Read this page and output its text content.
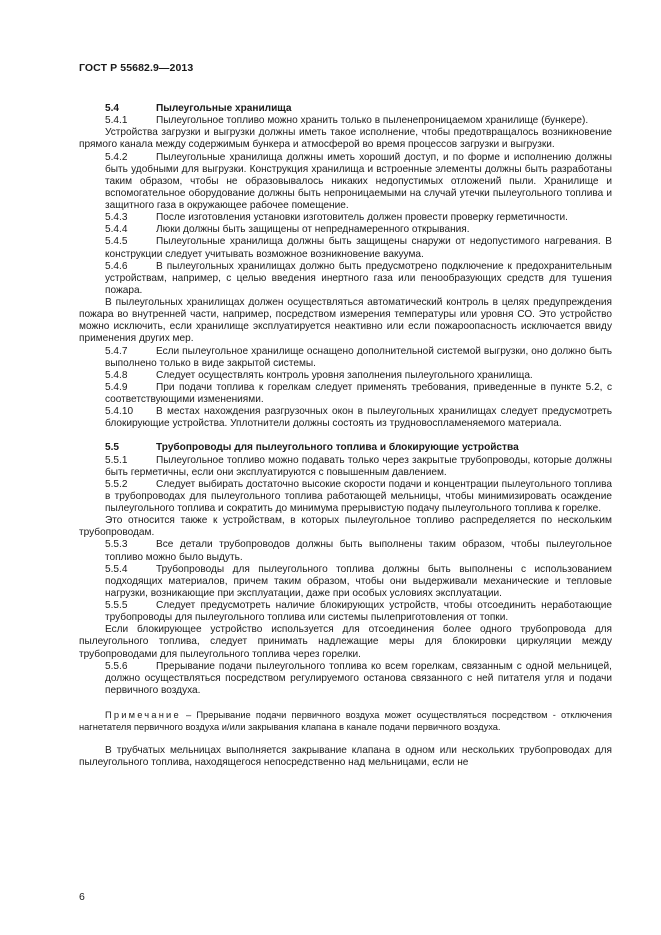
ГОСТ Р 55682.9—2013

5.4	Пылеугольные хранилища

5.4.1	Пылеугольное топливо можно хранить только в пыленепроницаемом хранилище (бункере).

Устройства загрузки и выгрузки должны иметь такое исполнение, чтобы предотвращалось возникновение прямого канала между содержимым бункера и атмосферой во время процессов загрузки и выгрузки.

5.4.2	Пылеугольные хранилища должны иметь хороший доступ, и по форме и исполнению должны быть удобными для выгрузки. Конструкция хранилища и встроенные элементы должны быть разработаны таким образом, чтобы не образовывалось никаких недопустимых отложений пыли. Хранилище и вспомогательное оборудование должны быть непроницаемыми на случай утечки пылеугольного топлива и защитного газа в окружающее рабочее помещение.

5.4.3	После изготовления установки изготовитель должен провести проверку герметичности.

5.4.4	Люки должны быть защищены от непреднамеренного открывания.

5.4.5	Пылеугольные хранилища должны быть защищены снаружи от недопустимого нагревания. В конструкции следует учитывать возможное возникновение вакуума.

5.4.6	В пылеугольных хранилищах должно быть предусмотрено подключение к предохранительным устройствам, например, с целью введения инертного газа или пенообразующих средств для тушения пожара.

В пылеугольных хранилищах должен осуществляться автоматический контроль в целях предупреждения пожара во внутренней части, например, посредством измерения температуры или уровня СО. Это устройство можно исключить, если хранилище эксплуатируется неактивно или если пожароопасность исключается ввиду применения других мер.

5.4.7	Если пылеугольное хранилище оснащено дополнительной системой выгрузки, оно должно быть выполнено только в виде закрытой системы.

5.4.8	Следует осуществлять контроль уровня заполнения пылеугольного хранилища.

5.4.9	При подачи топлива к горелкам следует применять требования, приведенные в пункте 5.2, с соответствующими изменениями.

5.4.10 В местах нахождения разгрузочных окон в пылеугольных хранилищах следует предусмотреть блокирующие устройства. Уплотнители должны состоять из трудновоспламеняемого материала.

5.5	Трубопроводы для пылеугольного топлива и блокирующие устройства

5.5.1	Пылеугольное топливо можно подавать только через закрытые трубопроводы, которые должны быть герметичны, если они эксплуатируются с повышенным давлением.

5.5.2	Следует выбирать достаточно высокие скорости подачи и концентрации пылеугольного топлива в трубопроводах для пылеугольного топлива работающей мельницы, чтобы минимизировать осаждение пылеугольного топлива и сократить до минимума прерывистую подачу пылеугольного топлива к горелке.

Это относится также к устройствам, в которых пылеугольное топливо распределяется по нескольким трубопроводам.

5.5.3	Все детали трубопроводов должны быть выполнены таким образом, чтобы пылеугольное топливо можно было выдуть.

5.5.4	Трубопроводы для пылеугольного топлива должны быть выполнены с использованием подходящих материалов, причем таким образом, чтобы они выдерживали механические и тепловые нагрузки, возникающие при эксплуатации, даже при особых условиях эксплуатации.

5.5.5	Следует предусмотреть наличие блокирующих устройств, чтобы отсоединить неработающие трубопроводы для пылеугольного топлива или системы пылеприготовления от топки.

Если блокирующее устройство используется для отсоединения более одного трубопровода для пылеугольного топлива, следует принимать надлежащие меры для блокировки циркуляции между трубопроводами для пылеугольного топлива через горелки.

5.5.6	Прерывание подачи пылеугольного топлива ко всем горелкам, связанным с одной мельницей, должно осуществляться посредством регулируемого останова связанного с ней питателя угля и подачи первичного воздуха.

Примечание – Прерывание подачи первичного воздуха может осуществляться посредством - отключения нагнетателя первичного воздуха и/или закрывания клапана в канале подачи первичного воздуха.

В трубчатых мельницах выполняется закрывание клапана в одном или нескольких трубопроводах для пылеугольного топлива, находящегося непосредственно над мельницами, если не

6
